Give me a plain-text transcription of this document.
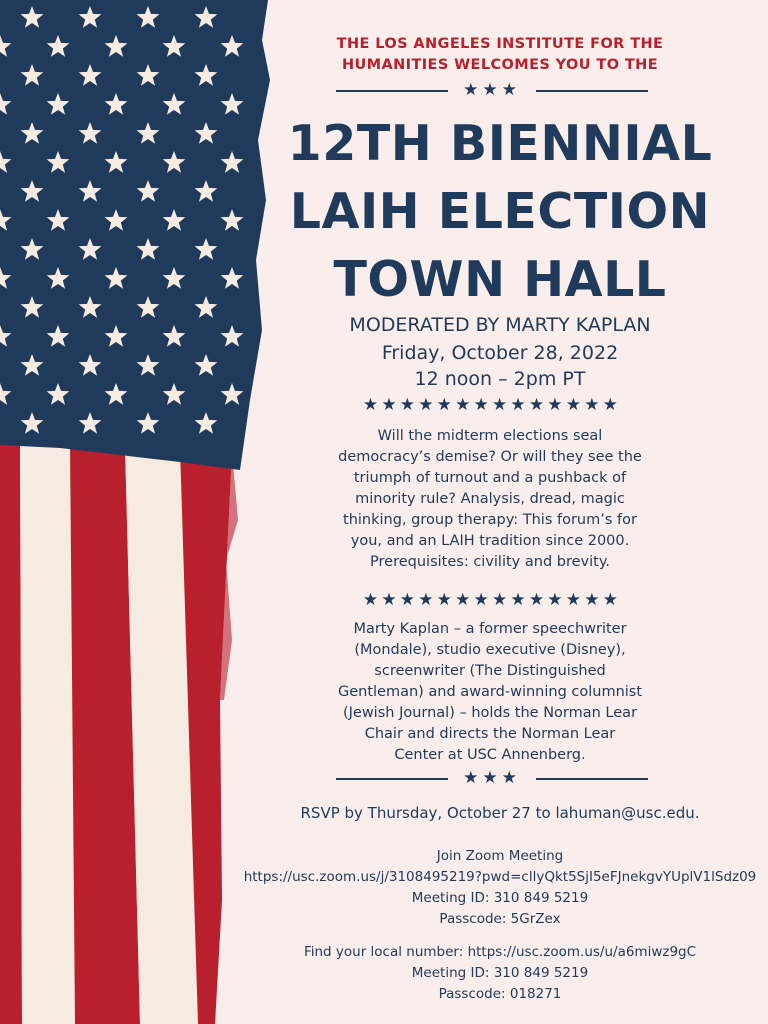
THE LOS ANGELES INSTITUTE FOR THE
HUMANITIES WELCOMES YOU TO THE
★★★
12TH BIENNIAL
LAIH ELECTION
TOWN HALL
MODERATED BY MARTY KAPLAN
Friday, October 28, 2022
12 noon – 2pm PT
★★★★★★★★★★★★★★
Will the midterm elections seal
democracy’s demise? Or will they see the
triumph of turnout and a pushback of
minority rule? Analysis, dread, magic
thinking, group therapy: This forum’s for
you, and an LAIH tradition since 2000.
Prerequisites: civility and brevity.
★★★★★★★★★★★★★★
Marty Kaplan – a former speechwriter
(Mondale), studio executive (Disney),
screenwriter (The Distinguished
Gentleman) and award-winning columnist
(Jewish Journal) – holds the Norman Lear
Chair and directs the Norman Lear
Center at USC Annenberg.
★★★
RSVP by Thursday, October 27 to lahuman@usc.edu.
Join Zoom Meeting
https://usc.zoom.us/j/3108495219?pwd=cllyQkt5SjI5eFJnekgvYUplV1lSdz09
Meeting ID: 310 849 5219
Passcode: 5GrZex
Find your local number: https://usc.zoom.us/u/a6miwz9gC
Meeting ID: 310 849 5219
Passcode: 018271
